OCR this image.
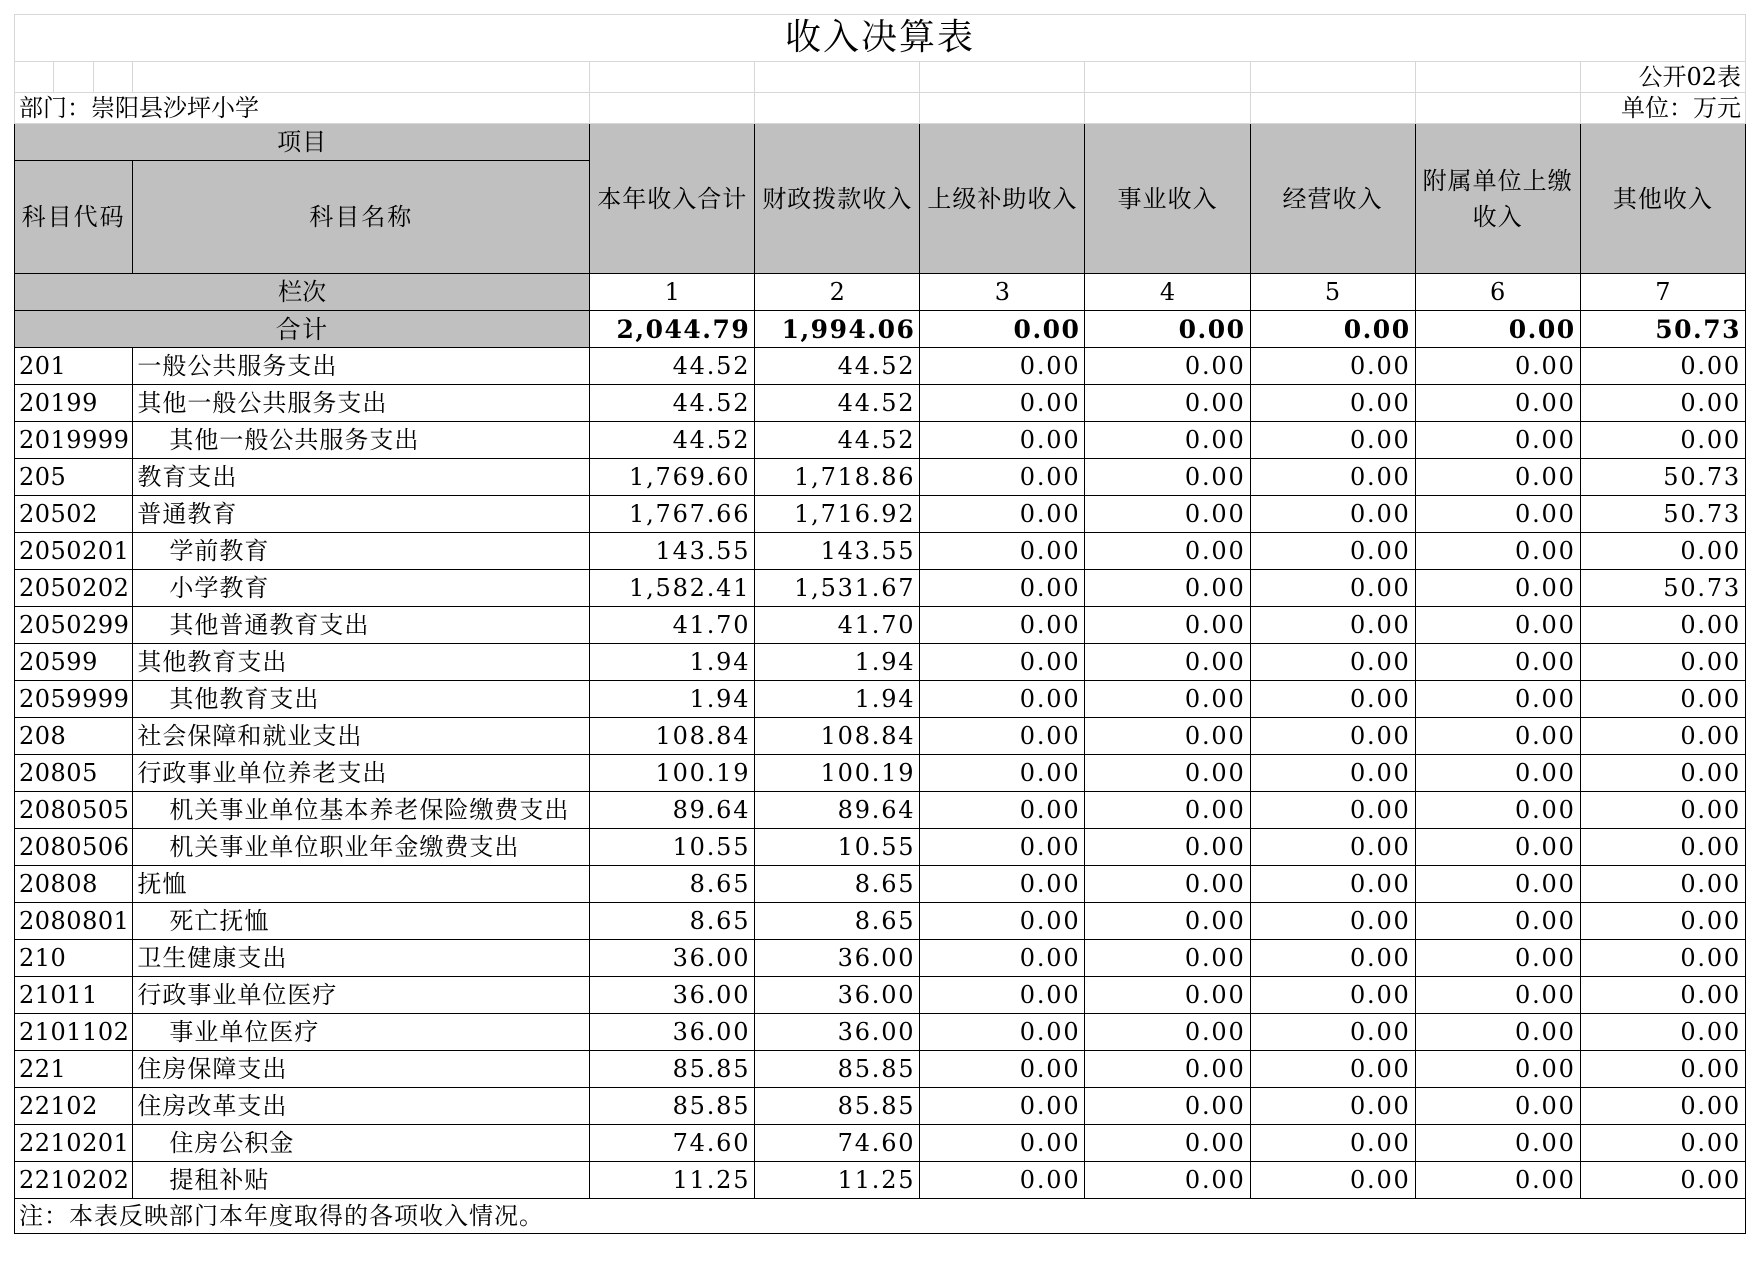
收入决算表										
										公开02表
部门：崇阳县沙坪小学										单位：万元
项目				本年收入合计	财政拨款收入	上级补助收入	事业收入	经营收入	附属单位上缴收入	其他收入
科目代码			科目名称							
栏次				1	2	3	4	5	6	7
合计				2,044.79	1,994.06	0.00	0.00	0.00	0.00	50.73
201			一般公共服务支出	44.52	44.52	0.00	0.00	0.00	0.00	0.00
20199			其他一般公共服务支出	44.52	44.52	0.00	0.00	0.00	0.00	0.00
2019999			其他一般公共服务支出	44.52	44.52	0.00	0.00	0.00	0.00	0.00
205			教育支出	1,769.60	1,718.86	0.00	0.00	0.00	0.00	50.73
20502			普通教育	1,767.66	1,716.92	0.00	0.00	0.00	0.00	50.73
2050201			学前教育	143.55	143.55	0.00	0.00	0.00	0.00	0.00
2050202			小学教育	1,582.41	1,531.67	0.00	0.00	0.00	0.00	50.73
2050299			其他普通教育支出	41.70	41.70	0.00	0.00	0.00	0.00	0.00
20599			其他教育支出	1.94	1.94	0.00	0.00	0.00	0.00	0.00
2059999			其他教育支出	1.94	1.94	0.00	0.00	0.00	0.00	0.00
208			社会保障和就业支出	108.84	108.84	0.00	0.00	0.00	0.00	0.00
20805			行政事业单位养老支出	100.19	100.19	0.00	0.00	0.00	0.00	0.00
2080505			机关事业单位基本养老保险缴费支出	89.64	89.64	0.00	0.00	0.00	0.00	0.00
2080506			机关事业单位职业年金缴费支出	10.55	10.55	0.00	0.00	0.00	0.00	0.00
20808			抚恤	8.65	8.65	0.00	0.00	0.00	0.00	0.00
2080801			死亡抚恤	8.65	8.65	0.00	0.00	0.00	0.00	0.00
210			卫生健康支出	36.00	36.00	0.00	0.00	0.00	0.00	0.00
21011			行政事业单位医疗	36.00	36.00	0.00	0.00	0.00	0.00	0.00
2101102			事业单位医疗	36.00	36.00	0.00	0.00	0.00	0.00	0.00
221			住房保障支出	85.85	85.85	0.00	0.00	0.00	0.00	0.00
22102			住房改革支出	85.85	85.85	0.00	0.00	0.00	0.00	0.00
2210201			住房公积金	74.60	74.60	0.00	0.00	0.00	0.00	0.00
2210202			提租补贴	11.25	11.25	0.00	0.00	0.00	0.00	0.00
注：本表反映部门本年度取得的各项收入情况。										
